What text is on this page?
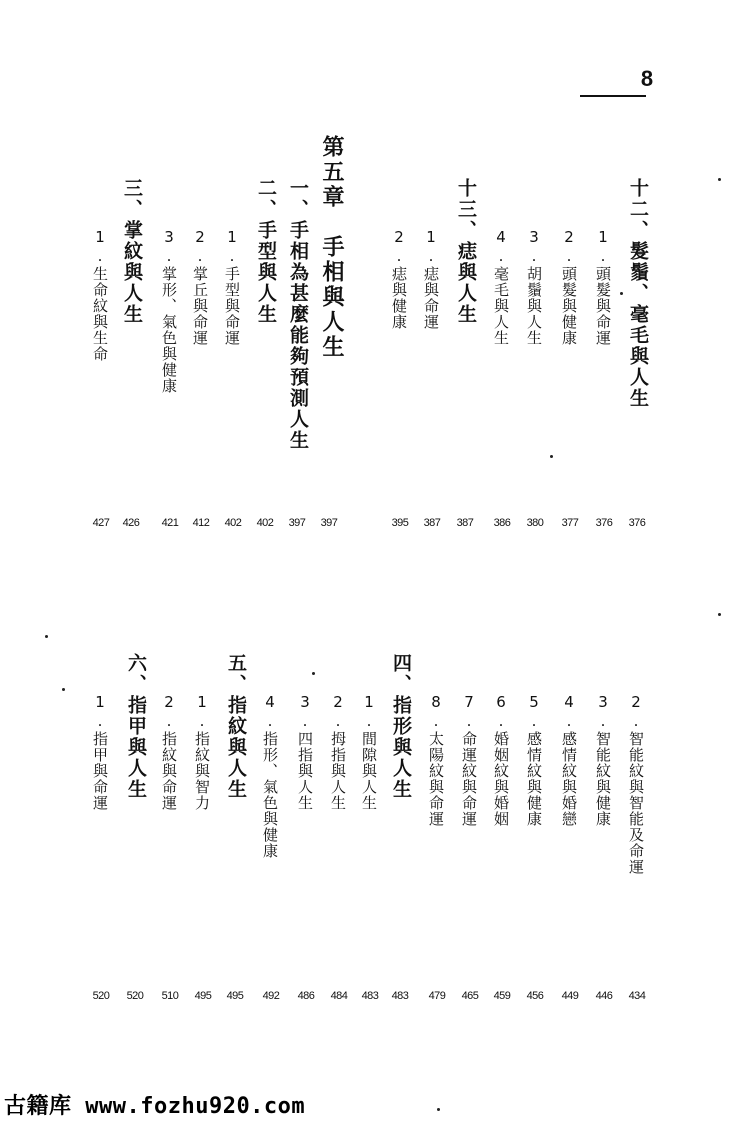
8
十二、髮鬚、毫毛與人生
376
1.頭髮與命運
376
2.頭髮與健康
377
3.胡鬚與人生
380
4.毫毛與人生
386
十三、痣與人生
387
1.痣與命運
387
2.痣與健康
395
第五章　手相與人生
397
一、手相為甚麼能夠預測人生
397
二、手型與人生
402
1.手型與命運
402
2.掌丘與命運
412
3.掌形、氣色與健康
421
三、掌紋與人生
426
1.生命紋與生命
427
2.智能紋與智能及命運
434
3.智能紋與健康
446
4.感情紋與婚戀
449
5.感情紋與健康
456
6.婚姻紋與婚姻
459
7.命運紋與命運
465
8.太陽紋與命運
479
四、指形與人生
483
1.間隙與人生
483
2.拇指與人生
484
3.四指與人生
486
4.指形、氣色與健康
492
五、指紋與人生
495
1.指紋與智力
495
2.指紋與命運
510
六、指甲與人生
520
1.指甲與命運
520
古籍库 www.fozhu920.com
